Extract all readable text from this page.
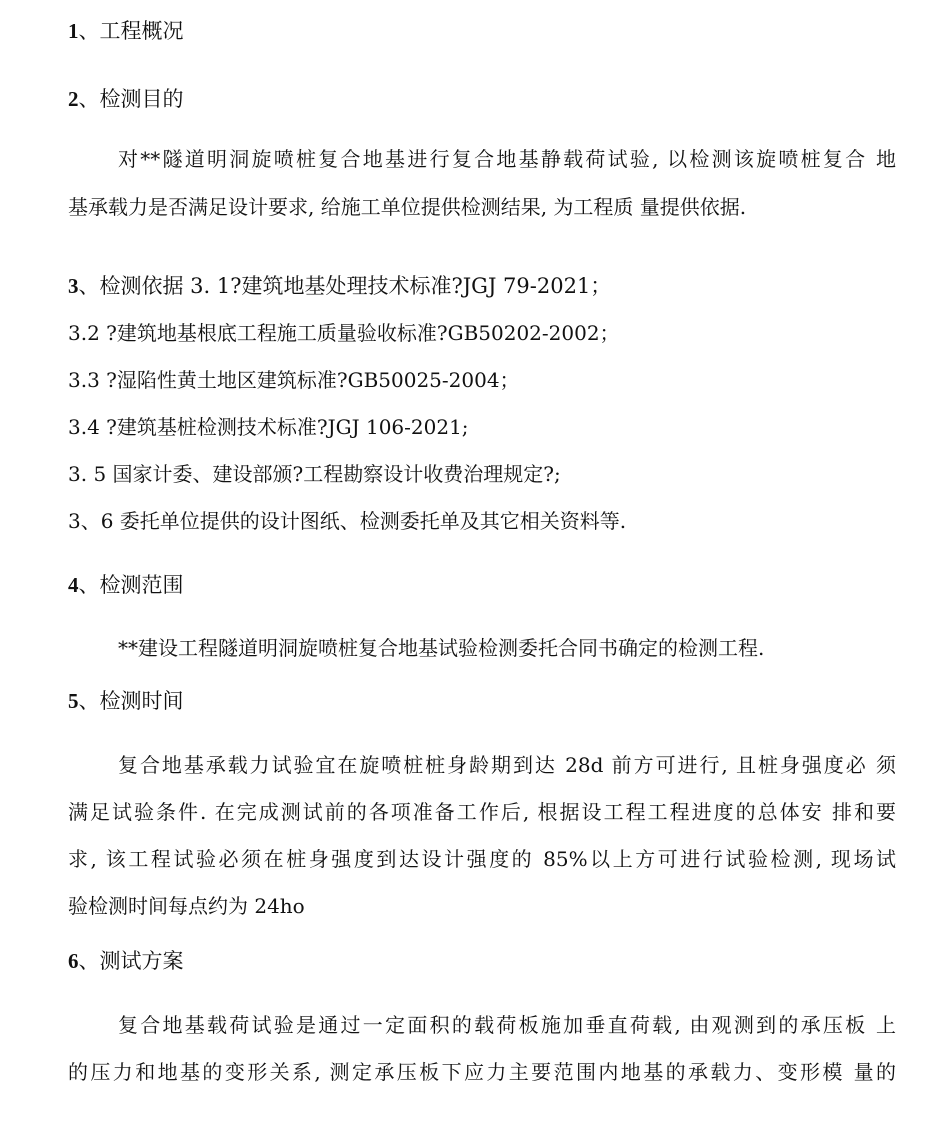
1、工程概况
2、检测目的
对**隧道明洞旋喷桩复合地基进行复合地基静载荷试验, 以检测该旋喷桩复合 地
基承载力是否满足设计要求, 给施工单位提供检测结果, 为工程质 量提供依据.
3、检测依据 3. 1?建筑地基处理技术标准?JGJ 79-2021；
3.2 ?建筑地基根底工程施工质量验收标准?GB50202-2002；
3.3 ?湿陷性黄土地区建筑标准?GB50025-2004；
3.4 ?建筑基桩检测技术标准?JGJ 106-2021;
3. 5 国家计委、建设部颁?工程勘察设计收费治理规定?;
3、6 委托单位提供的设计图纸、检测委托单及其它相关资料等.
4、检测范围
**建设工程隧道明洞旋喷桩复合地基试验检测委托合同书确定的检测工程.
5、检测时间
复合地基承载力试验宜在旋喷桩桩身龄期到达 28d 前方可进行, 且桩身强度必 须
满足试验条件. 在完成测试前的各项准备工作后, 根据设工程工程进度的总体安 排和要
求, 该工程试验必须在桩身强度到达设计强度的 85%以上方可进行试验检测, 现场试
验检测时间每点约为 24ho
6、测试方案
复合地基载荷试验是通过一定面积的载荷板施加垂直荷载, 由观测到的承压板 上
的压力和地基的变形关系, 测定承压板下应力主要范围内地基的承载力、变形模 量的
